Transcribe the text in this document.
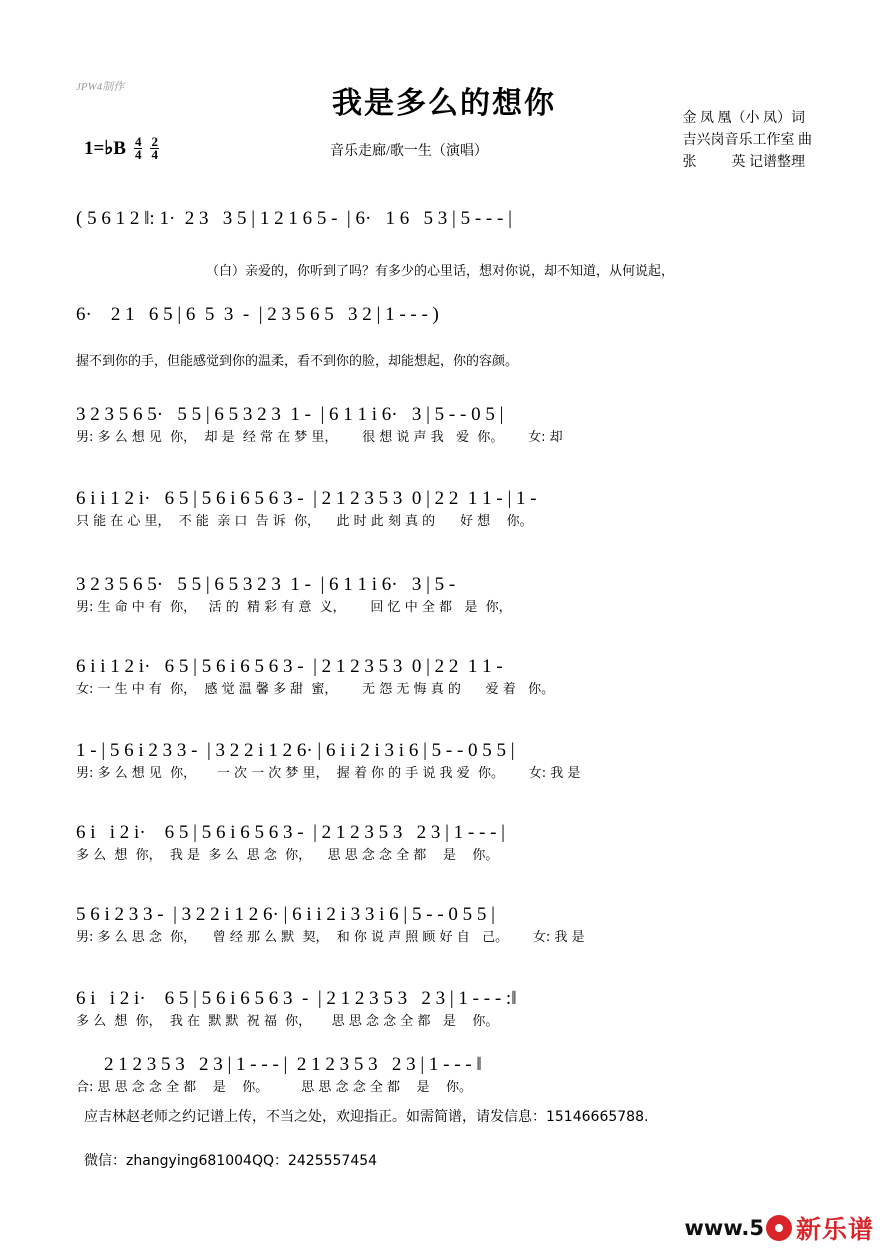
JPW4制作	我是多么的想你	金 凤 凰（小 凤）词
吉兴岗音乐工作室 曲
张          英 记谱整理
1=♭B $\frac{4}{4} \frac{2}{4}$	音乐走廊/歌一生（演唱）
( 5 6 1 2 ‖: 1·  2 3   3 5 | 1 2 1 6 5 -  | 6·   1 6   5 3 | 5 - - - |
（白）亲爱的，你听到了吗？有多少的心里话，想对你说，却不知道，从何说起，
6·    2 1   6 5 | 6  5  3  -  | 2 3 5 6 5   3 2 | 1 - - - )
握不到你的手，但能感觉到你的温柔，看不到你的脸，却能想起，你的容颜。
3 2 3 5 6 5·   5 5 | 6 5 3 2 3  1 -  | 6 1 1 i 6·   3 | 5 - - 0 5 |
男: 多 么 想 见  你，  却 是  经 常 在 梦 里，      很 想 说 声 我   爱  你。      女: 却
6 i i 1 2 i·   6 5 | 5 6 i 6 5 6 3 -  | 2 1 2 3 5 3  0 | 2 2  1 1 - | 1 -
只 能 在 心 里，  不 能  亲 口  告 诉  你，    此 时 此 刻 真 的      好 想    你。
3 2 3 5 6 5·   5 5 | 6 5 3 2 3  1 -  | 6 1 1 i 6·   3 | 5 -
男: 生 命 中 有  你，   活 的  精 彩 有 意  义，      回 忆 中 全 都   是  你，
6 i i 1 2 i·   6 5 | 5 6 i 6 5 6 3 -  | 2 1 2 3 5 3  0 | 2 2  1 1 -
女: 一 生 中 有  你，  感 觉 温 馨 多 甜  蜜，      无 怨 无 悔 真 的      爱 着   你。
1 - | 5 6 i 2 3 3 -  | 3 2 2 i 1 2 6· | 6 i i 2 i 3 i 6 | 5 - - 0 5 5 |
男: 多 么 想 见  你，     一 次 一 次 梦 里，  握 着 你 的 手 说 我 爱  你。      女: 我 是
6 i   i 2 i·    6 5 | 5 6 i 6 5 6 3 -  | 2 1 2 3 5 3   2 3 | 1 - - - |
多 么  想  你，  我 是  多 么  思 念  你，    思 思 念 念 全 都    是    你。
5 6 i 2 3 3 -  | 3 2 2 i 1 2 6· | 6 i i 2 i 3 3 i 6 | 5 - - 0 5 5 |
男: 多 么 思 念  你，    曾 经 那 么 默  契，  和 你 说 声 照 顾 好 自   己。      女: 我 是
6 i   i 2 i·    6 5 | 5 6 i 6 5 6 3  -  | 2 1 2 3 5 3   2 3 | 1 - - - :‖
多 么  想  你，  我 在  默 默  祝 福  你，     思 思 念 念 全 都   是    你。
2 1 2 3 5 3   2 3 | 1 - - - |  2 1 2 3 5 3   2 3 | 1 - - - ‖
合: 思 思 念 念 全 都    是    你。        思 思 念 念 全 都    是    你。
应吉林赵老师之约记谱上传，不当之处，欢迎指正。如需简谱，请发信息：15146665788.
微信：zhangying681004QQ：2425557454
www.5 新乐谱
